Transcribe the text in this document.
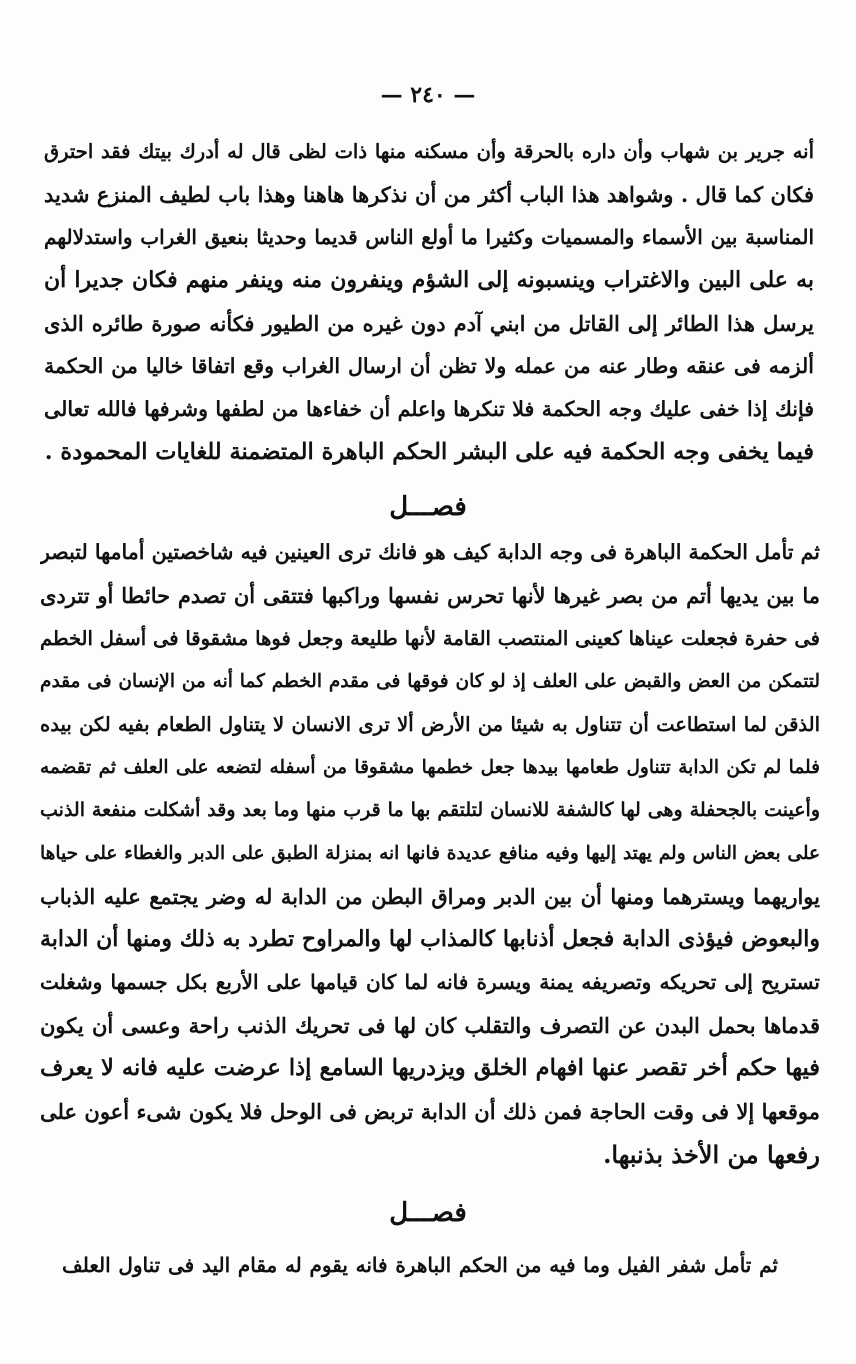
— ٢٤٠ —
أنه جرير بن شهاب وأن داره بالحرقة وأن مسكنه منها ذات لظى قال له أدرك بيتك فقد احترق
فكان كما قال . وشواهد هذا الباب أكثر من أن نذكرها هاهنا وهذا باب لطيف المنزع شديد
المناسبة بين الأسماء والمسميات وكثيرا ما أولع الناس قديما وحديثا بنعيق الغراب واستدلالهم
به على البين والاغتراب وينسبونه إلى الشؤم وينفرون منه وينفر منهم فكان جديرا أن
يرسل هذا الطائر إلى القاتل من ابني آدم دون غيره من الطيور فكأنه صورة طائره الذى
ألزمه فى عنقه وطار عنه من عمله ولا تظن أن ارسال الغراب وقع اتفاقا خاليا من الحكمة
فإنك إذا خفى عليك وجه الحكمة فلا تنكرها واعلم أن خفاءها من لطفها وشرفها فالله تعالى
فيما يخفى وجه الحكمة فيه على البشر الحكم الباهرة المتضمنة للغايات المحمودة .
فصـــل
ثم تأمل الحكمة الباهرة فى وجه الدابة كيف هو فانك ترى العينين فيه شاخصتين أمامها لتبصر
ما بين يديها أتم من بصر غيرها لأنها تحرس نفسها وراكبها فتتقى أن تصدم حائطا أو تتردى
فى حفرة فجعلت عيناها كعينى المنتصب القامة لأنها طليعة وجعل فوها مشقوقا فى أسفل الخطم
لتتمكن من العض والقبض على العلف إذ لو كان فوقها فى مقدم الخطم كما أنه من الإنسان فى مقدم
الذقن لما استطاعت أن تتناول به شيئا من الأرض ألا ترى الانسان لا يتناول الطعام بفيه لكن بيده
فلما لم تكن الدابة تتناول طعامها بيدها جعل خطمها مشقوقا من أسفله لتضعه على العلف ثم تقضمه
وأعينت بالجحفلة وهى لها كالشفة للانسان لتلتقم بها ما قرب منها وما بعد وقد أشكلت منفعة الذنب
على بعض الناس ولم يهتد إليها وفيه منافع عديدة فانها انه بمنزلة الطبق على الدبر والغطاء على حياها
يواريهما ويسترهما ومنها أن بين الدبر ومراق البطن من الدابة له وضر يجتمع عليه الذباب
والبعوض فيؤذى الدابة فجعل أذنابها كالمذاب لها والمراوح تطرد به ذلك ومنها أن الدابة
تستريح إلى تحريكه وتصريفه يمنة ويسرة فانه لما كان قيامها على الأربع بكل جسمها وشغلت
قدماها بحمل البدن عن التصرف والتقلب كان لها فى تحريك الذنب راحة وعسى أن يكون
فيها حكم أخر تقصر عنها افهام الخلق ويزدريها السامع إذا عرضت عليه فانه لا يعرف
موقعها إلا فى وقت الحاجة فمن ذلك أن الدابة تربض فى الوحل فلا يكون شىء أعون على
رفعها من الأخذ بذنبها.
فصـــل
ثم تأمل شفر الفيل وما فيه من الحكم الباهرة فانه يقوم له مقام اليد فى تناول العلف
